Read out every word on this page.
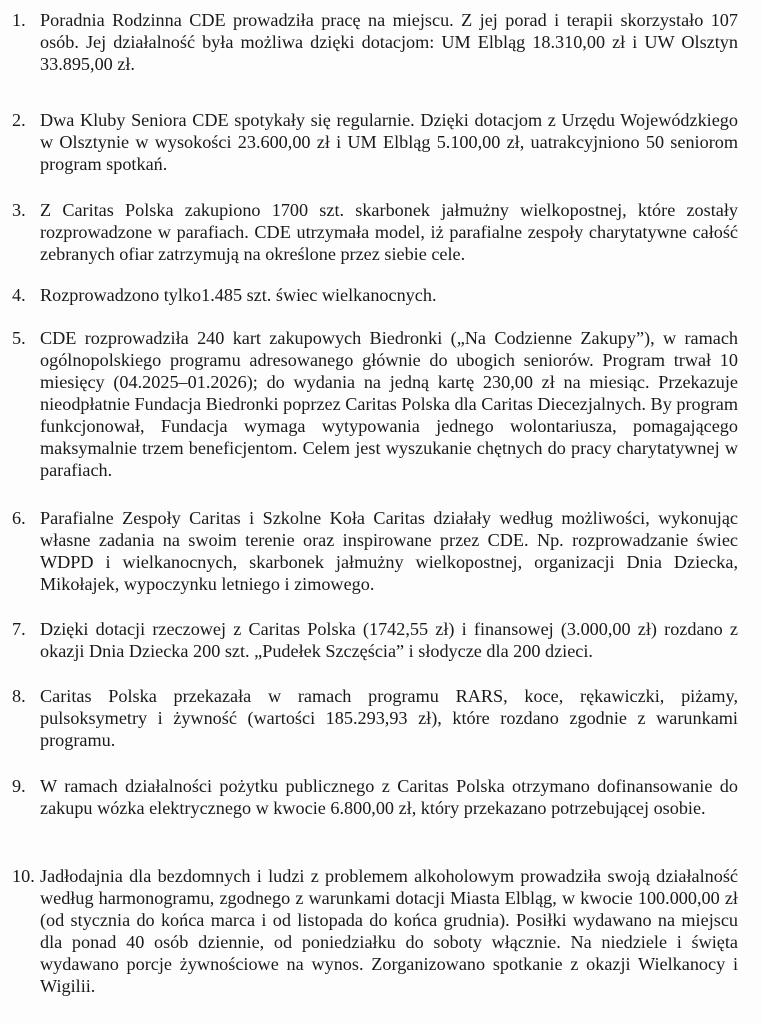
1. Poradnia Rodzinna CDE prowadziła pracę na miejscu. Z jej porad i terapii skorzystało 107 osób. Jej działalność była możliwa dzięki dotacjom: UM Elbląg 18.310,00 zł i UW Olsztyn 33.895,00 zł.
2. Dwa Kluby Seniora CDE spotykały się regularnie. Dzięki dotacjom z Urzędu Wojewódzkiego w Olsztynie w wysokości 23.600,00 zł i UM Elbląg 5.100,00 zł, uatrakcyjniono 50 seniorom program spotkań.
3. Z Caritas Polska zakupiono 1700 szt. skarbonek jałmużny wielkopostnej, które zostały rozprowadzone w parafiach. CDE utrzymała model, iż parafialne zespoły charytatywne całość zebranych ofiar zatrzymują na określone przez siebie cele.
4. Rozprowadzono tylko1.485 szt. świec wielkanocnych.
5. CDE rozprowadziła 240 kart zakupowych Biedronki („Na Codzienne Zakupy”), w ramach ogólnopolskiego programu adresowanego głównie do ubogich seniorów. Program trwał 10 miesięcy (04.2025–01.2026); do wydania na jedną kartę 230,00 zł na miesiąc. Przekazuje nieodpłatnie Fundacja Biedronki poprzez Caritas Polska dla Caritas Diecezjalnych. By program funkcjonował, Fundacja wymaga wytypowania jednego wolontariusza, pomagającego maksymalnie trzem beneficjentom. Celem jest wyszukanie chętnych do pracy charytatywnej w parafiach.
6. Parafialne Zespoły Caritas i Szkolne Koła Caritas działały według możliwości, wykonując własne zadania na swoim terenie oraz inspirowane przez CDE. Np. rozprowadzanie świec WDPD i wielkanocnych, skarbonek jałmużny wielkopostnej, organizacji Dnia Dziecka, Mikołajek, wypoczynku letniego i zimowego.
7. Dzięki dotacji rzeczowej z Caritas Polska (1742,55 zł) i finansowej (3.000,00 zł) rozdano z okazji Dnia Dziecka 200 szt. „Pudełek Szczęścia” i słodycze dla 200 dzieci.
8. Caritas Polska przekazała w ramach programu RARS, koce, rękawiczki, piżamy, pulsoksymetry i żywność (wartości 185.293,93 zł), które rozdano zgodnie z warunkami programu.
9. W ramach działalności pożytku publicznego z Caritas Polska otrzymano dofinansowanie do zakupu wózka elektrycznego w kwocie 6.800,00 zł, który przekazano potrzebującej osobie.
10. Jadłodajnia dla bezdomnych i ludzi z problemem alkoholowym prowadziła swoją działalność według harmonogramu, zgodnego z warunkami dotacji Miasta Elbląg, w kwocie 100.000,00 zł (od stycznia do końca marca i od listopada do końca grudnia). Posiłki wydawano na miejscu dla ponad 40 osób dziennie, od poniedziałku do soboty włącznie. Na niedziele i święta wydawano porcje żywnościowe na wynos. Zorganizowano spotkanie z okazji Wielkanocy i Wigilii.
